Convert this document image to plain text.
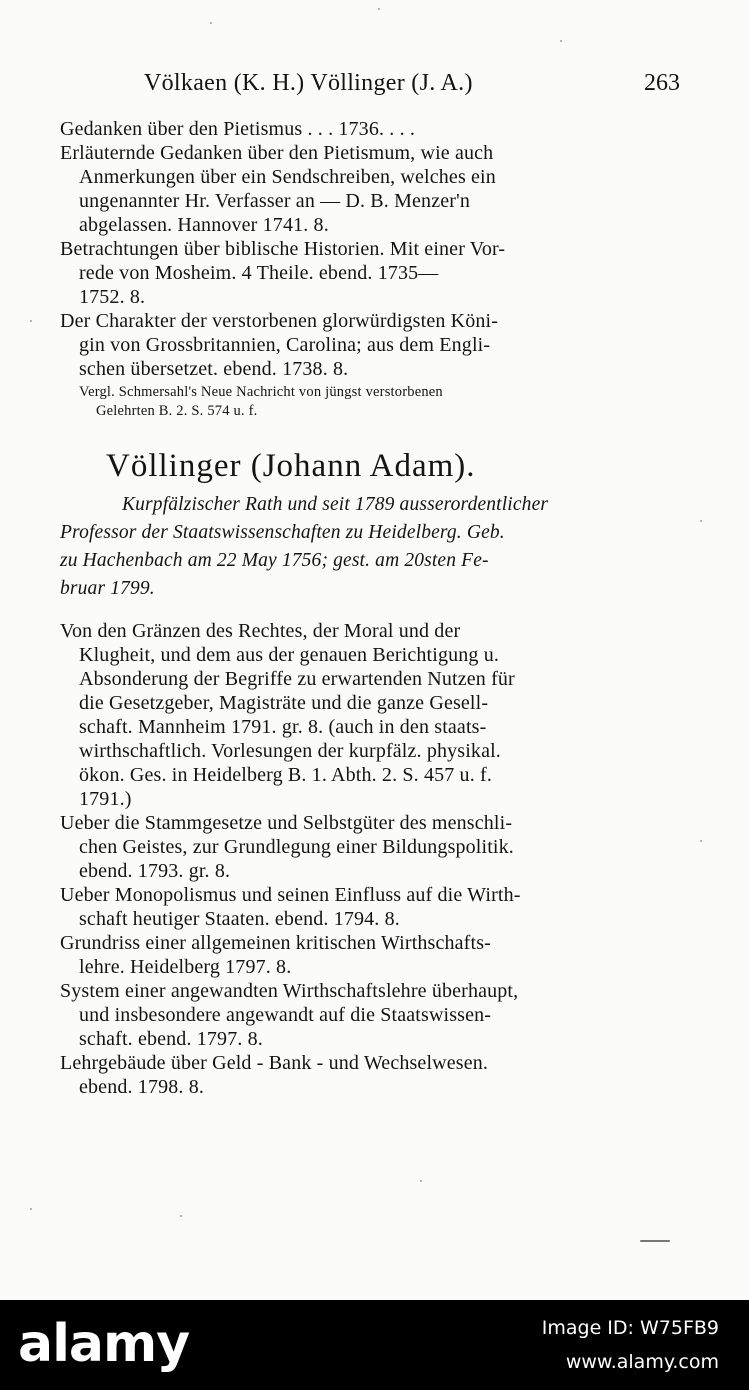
Völkaen (K. H.) Völlinger (J. A.)	263
Gedanken über den Pietismus . . . 1736. . . .
Erläuternde Gedanken über den Pietismum, wie auch
Anmerkungen über ein Sendschreiben, welches ein
ungenannter Hr. Verfasser an — D. B. Menzer'n
abgelassen. Hannover 1741. 8.
Betrachtungen über biblische Historien. Mit einer Vor-
rede von Mosheim. 4 Theile. ebend. 1735—
1752. 8.
Der Charakter der verstorbenen glorwürdigsten Köni-
gin von Grossbritannien, Carolina; aus dem Engli-
schen übersetzet. ebend. 1738. 8.
Vergl. Schmersahl's Neue Nachricht von jüngst verstorbenen
Gelehrten B. 2. S. 574 u. f.
Völlinger (Johann Adam).
Kurpfälzischer Rath und seit 1789 ausserordentlicher
Professor der Staatswissenschaften zu Heidelberg. Geb.
zu Hachenbach am 22 May 1756; gest. am 20sten Fe-
bruar 1799.
Von den Gränzen des Rechtes, der Moral und der
Klugheit, und dem aus der genauen Berichtigung u.
Absonderung der Begriffe zu erwartenden Nutzen für
die Gesetzgeber, Magisträte und die ganze Gesell-
schaft. Mannheim 1791. gr. 8. (auch in den staats-
wirthschaftlich. Vorlesungen der kurpfälz. physikal.
ökon. Ges. in Heidelberg B. 1. Abth. 2. S. 457 u. f.
1791.)
Ueber die Stammgesetze und Selbstgüter des menschli-
chen Geistes, zur Grundlegung einer Bildungspolitik.
ebend. 1793. gr. 8.
Ueber Monopolismus und seinen Einfluss auf die Wirth-
schaft heutiger Staaten. ebend. 1794. 8.
Grundriss einer allgemeinen kritischen Wirthschafts-
lehre. Heidelberg 1797. 8.
System einer angewandten Wirthschaftslehre überhaupt,
und insbesondere angewandt auf die Staatswissen-
schaft. ebend. 1797. 8.
Lehrgebäude über Geld - Bank - und Wechselwesen.
ebend. 1798. 8.
alamy	Image ID: W75FB9
www.alamy.com
